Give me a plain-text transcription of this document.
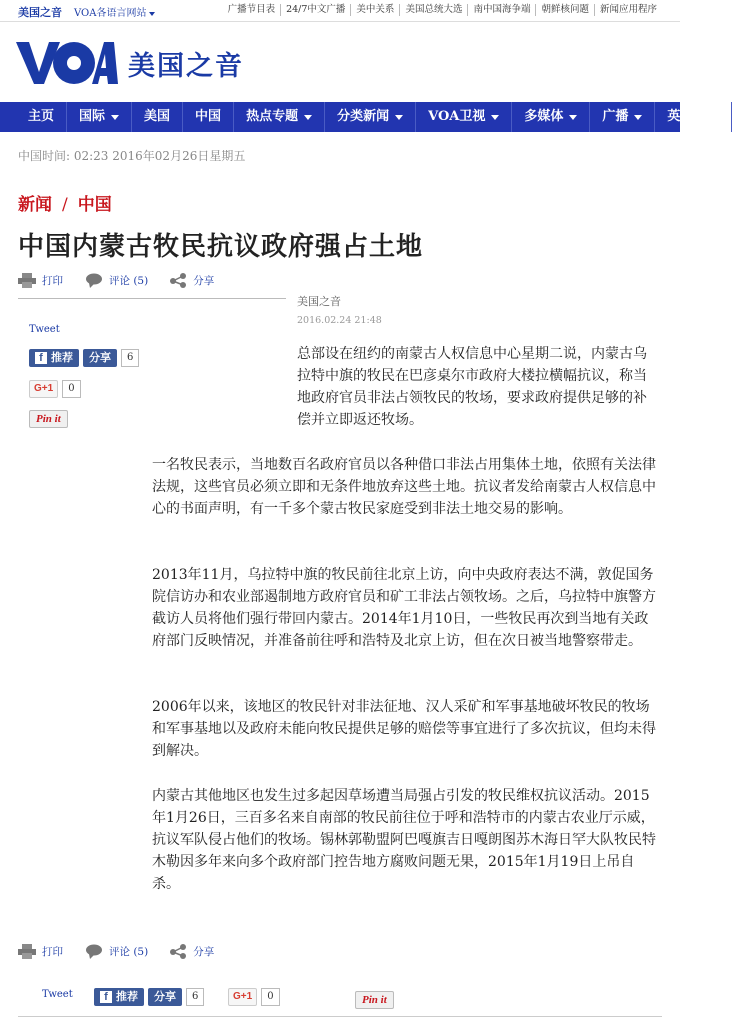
美国之音 VOA各语言网站	广播节目表	24/7中文广播	美中关系	美国总统大选	南中国海争端	朝鲜核问题	新闻应用程序
美国之音
主页 国际	美国 中国 热点专题	分类新闻	VOA卫视	多媒体	广播	英语教学
中国时间: 02:23 2016年02月26日星期五
新闻 / 中国
中国内蒙古牧民抗议政府强占土地
打印	评论 (5)	分享
美国之音
2016.02.24 21:48
Tweet
f 推荐	分享	6
G+1	0
Pin it

总部设在纽约的南蒙古人权信息中心星期二说，内蒙古乌拉特中旗的牧民在巴彦桌尔市政府大楼拉横幅抗议，称当地政府官员非法占领牧民的牧场，要求政府提供足够的补偿并立即返还牧场。

一名牧民表示，当地数百名政府官员以各种借口非法占用集体土地，依照有关法律法规，这些官员必须立即和无条件地放弃这些土地。抗议者发给南蒙古人权信息中心的书面声明，有一千多个蒙古牧民家庭受到非法土地交易的影响。

2013年11月，乌拉特中旗的牧民前往北京上访，向中央政府表达不满，敦促国务院信访办和农业部遏制地方政府官员和矿工非法占领牧场。之后，乌拉特中旗警方截访人员将他们强行带回内蒙古。2014年1月10日，一些牧民再次到当地有关政府部门反映情况，并准备前往呼和浩特及北京上访，但在次日被当地警察带走。

2006年以来，该地区的牧民针对非法征地、汉人采矿和军事基地破坏牧民的牧场和军事基地以及政府未能向牧民提供足够的赔偿等事宜进行了多次抗议，但均未得到解决。

内蒙古其他地区也发生过多起因草场遭当局强占引发的牧民维权抗议活动。2015年1月26日，三百多名来自南部的牧民前往位于呼和浩特市的内蒙古农业厅示威，抗议军队侵占他们的牧场。锡林郭勒盟阿巴嘎旗吉日嘎朗图苏木海日罕大队牧民特木勒因多年来向多个政府部门控告地方腐败问题无果，2015年1月19日上吊自杀。

打印	评论 (5)	分享
Tweet	f 推荐	分享	6	G+1	0	Pin it
